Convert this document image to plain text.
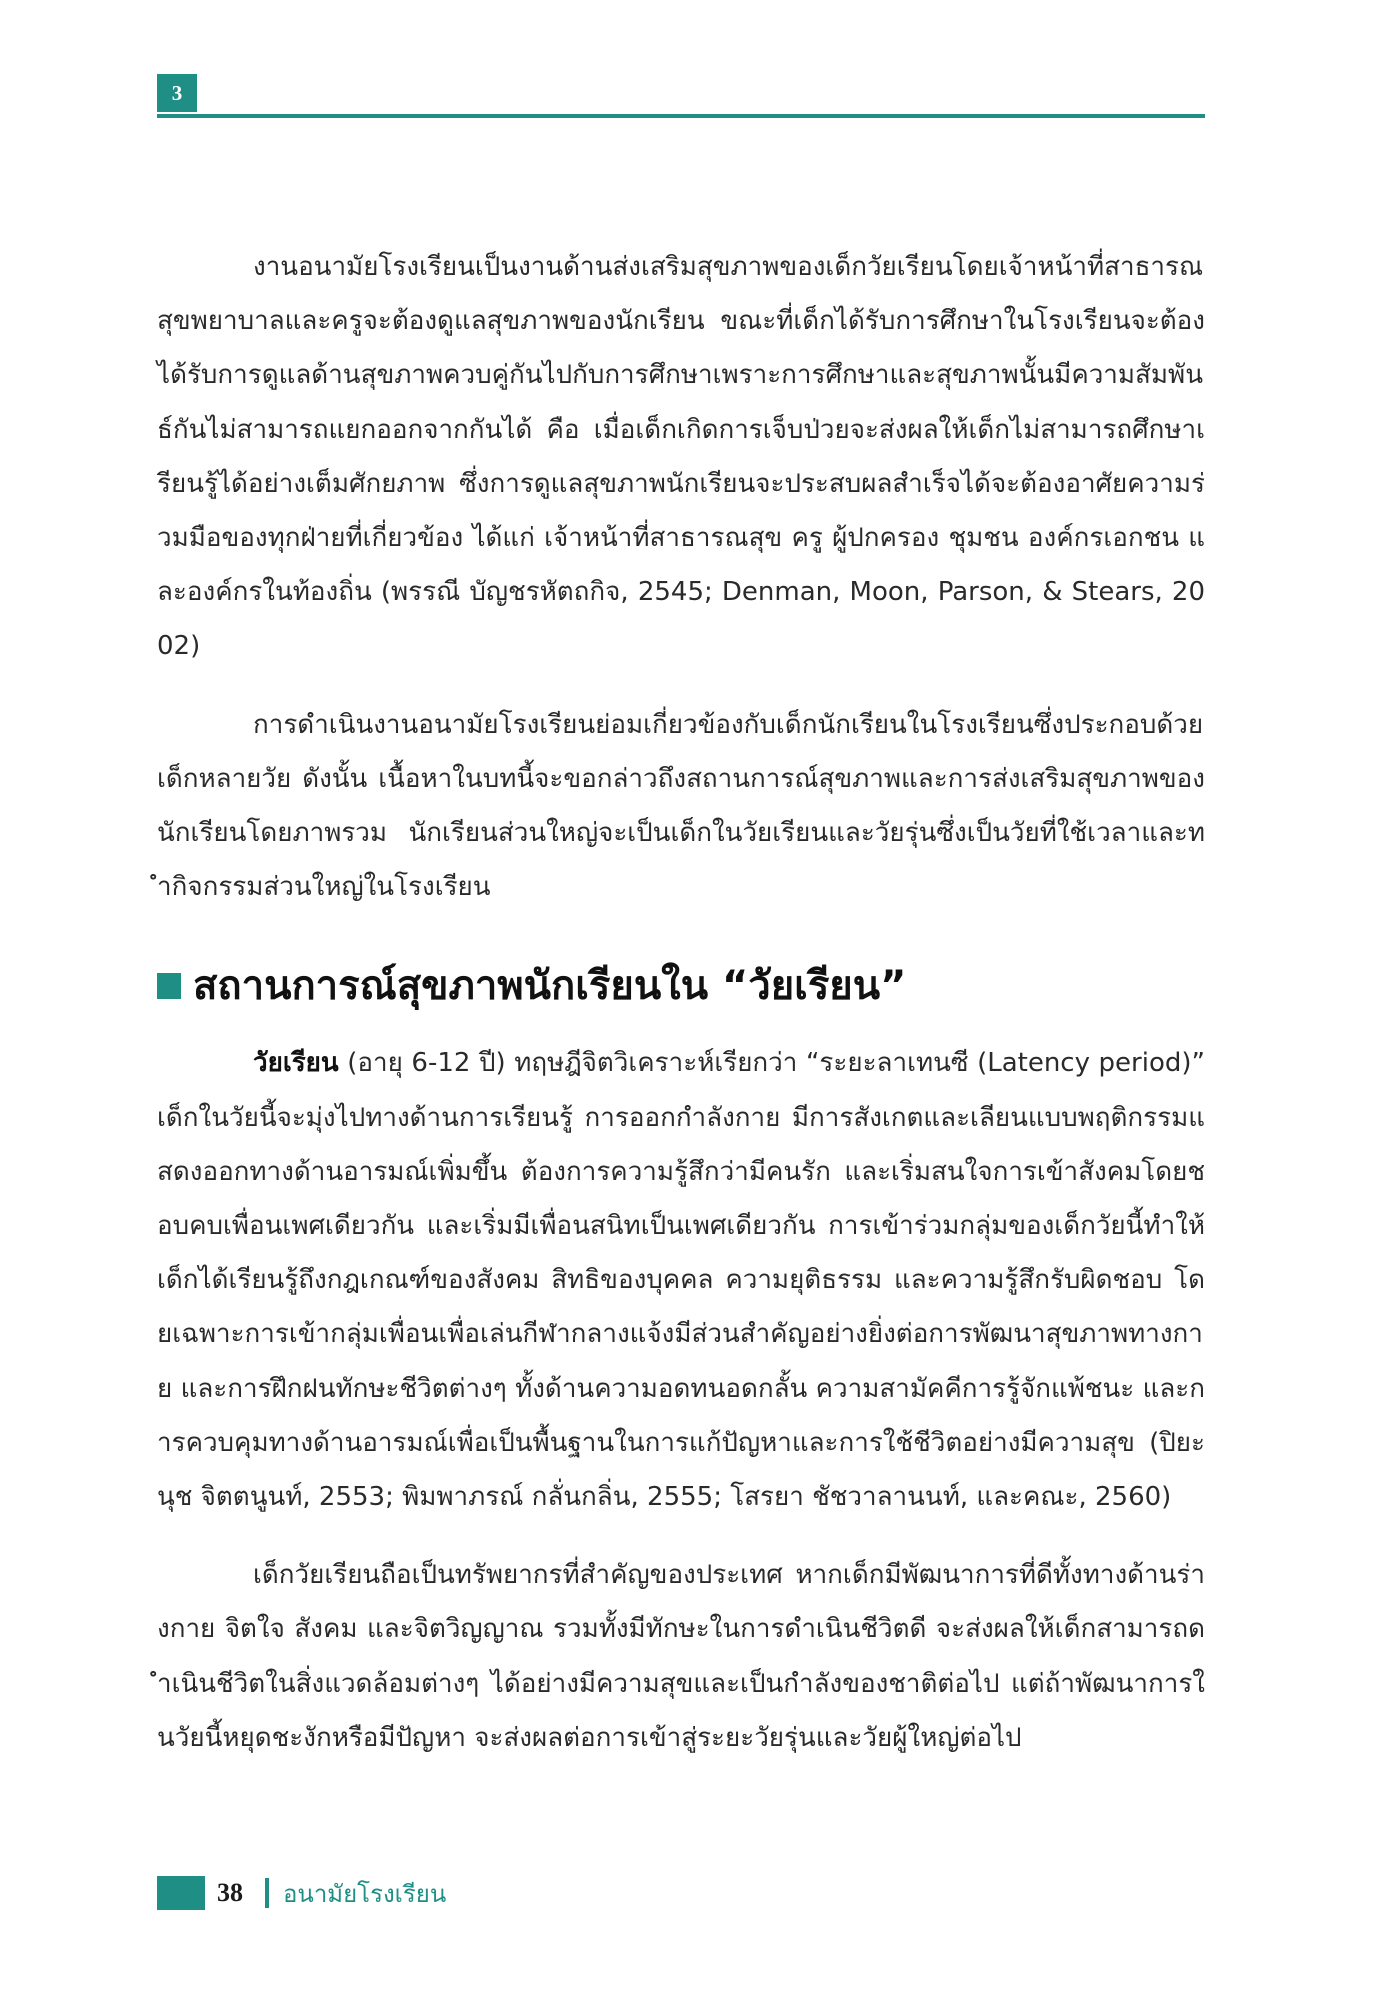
3

งานอนามัยโรงเรียนเป็นงานด้านส่งเสริมสุขภาพของเด็กวัยเรียนโดยเจ้าหน้าที่สาธารณสุขพยาบาลและครูจะต้องดูแลสุขภาพของนักเรียน ขณะที่เด็กได้รับการศึกษาในโรงเรียนจะต้องได้รับการดูแลด้านสุขภาพควบคู่กันไปกับการศึกษาเพราะการศึกษาและสุขภาพนั้นมีความสัมพันธ์กันไม่สามารถแยกออกจากกันได้ คือ เมื่อเด็กเกิดการเจ็บป่วยจะส่งผลให้เด็กไม่สามารถศึกษาเรียนรู้ได้อย่างเต็มศักยภาพ ซึ่งการดูแลสุขภาพนักเรียนจะประสบผลสำเร็จได้จะต้องอาศัยความร่วมมือของทุกฝ่ายที่เกี่ยวข้อง ได้แก่ เจ้าหน้าที่สาธารณสุข ครู ผู้ปกครอง ชุมชน องค์กรเอกชน และองค์กรในท้องถิ่น (พรรณี บัญชรหัตถกิจ, 2545; Denman, Moon, Parson, & Stears, 2002)

การดำเนินงานอนามัยโรงเรียนย่อมเกี่ยวข้องกับเด็กนักเรียนในโรงเรียนซึ่งประกอบด้วยเด็กหลายวัย ดังนั้น เนื้อหาในบทนี้จะขอกล่าวถึงสถานการณ์สุขภาพและการส่งเสริมสุขภาพของนักเรียนโดยภาพรวม นักเรียนส่วนใหญ่จะเป็นเด็กในวัยเรียนและวัยรุ่นซึ่งเป็นวัยที่ใช้เวลาและทำกิจกรรมส่วนใหญ่ในโรงเรียน

สถานการณ์สุขภาพนักเรียนใน “วัยเรียน”

วัยเรียน (อายุ 6-12 ปี) ทฤษฎีจิตวิเคราะห์เรียกว่า “ระยะลาเทนซี (Latency period)” เด็กในวัยนี้จะมุ่งไปทางด้านการเรียนรู้ การออกกำลังกาย มีการสังเกตและเลียนแบบพฤติกรรมแสดงออกทางด้านอารมณ์เพิ่มขึ้น ต้องการความรู้สึกว่ามีคนรัก และเริ่มสนใจการเข้าสังคมโดยชอบคบเพื่อนเพศเดียวกัน และเริ่มมีเพื่อนสนิทเป็นเพศเดียวกัน การเข้าร่วมกลุ่มของเด็กวัยนี้ทำให้เด็กได้เรียนรู้ถึงกฎเกณฑ์ของสังคม สิทธิของบุคคล ความยุติธรรม และความรู้สึกรับผิดชอบ โดยเฉพาะการเข้ากลุ่มเพื่อนเพื่อเล่นกีฬากลางแจ้งมีส่วนสำคัญอย่างยิ่งต่อการพัฒนาสุขภาพทางกาย และการฝึกฝนทักษะชีวิตต่างๆ ทั้งด้านความอดทนอดกลั้น ความสามัคคีการรู้จักแพ้ชนะ และการควบคุมทางด้านอารมณ์เพื่อเป็นพื้นฐานในการแก้ปัญหาและการใช้ชีวิตอย่างมีความสุข (ปิยะนุช จิตตนูนท์, 2553; พิมพาภรณ์ กลั่นกลิ่น, 2555; โสรยา ชัชวาลานนท์, และคณะ, 2560)

เด็กวัยเรียนถือเป็นทรัพยากรที่สำคัญของประเทศ หากเด็กมีพัฒนาการที่ดีทั้งทางด้านร่างกาย จิตใจ สังคม และจิตวิญญาณ รวมทั้งมีทักษะในการดำเนินชีวิตดี จะส่งผลให้เด็กสามารถดำเนินชีวิตในสิ่งแวดล้อมต่างๆ ได้อย่างมีความสุขและเป็นกำลังของชาติต่อไป แต่ถ้าพัฒนาการในวัยนี้หยุดชะงักหรือมีปัญหา จะส่งผลต่อการเข้าสู่ระยะวัยรุ่นและวัยผู้ใหญ่ต่อไป

38 อนามัยโรงเรียน
